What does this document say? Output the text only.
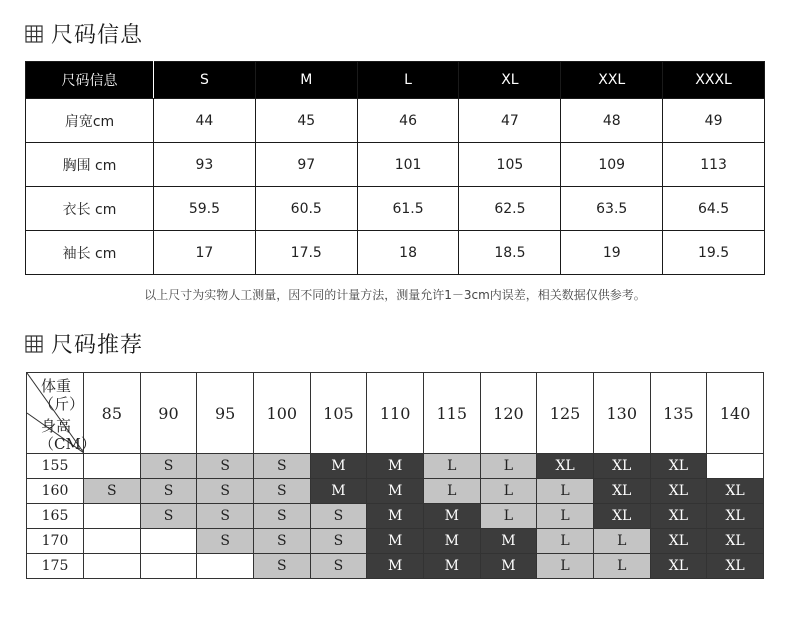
尺码信息
尺码信息	S	M	L	XL	XXL	XXXL
肩宽cm	44	45	46	47	48	49
胸围 cm	93	97	101	105	109	113
衣长 cm	59.5	60.5	61.5	62.5	63.5	64.5
袖长 cm	17	17.5	18	18.5	19	19.5
以上尺寸为实物人工测量，因不同的计量方法，测量允许1－3cm内误差，相关数据仅供参考。
尺码推荐
体重
（斤）
身高
（CM）	85	90	95	100	105	110	115	120	125	130	135	140
155		S	S	S	M	M	L	L	XL	XL	XL	
160	S	S	S	S	M	M	L	L	L	XL	XL	XL
165		S	S	S	S	M	M	L	L	XL	XL	XL
170			S	S	S	M	M	M	L	L	XL	XL
175				S	S	M	M	M	L	L	XL	XL
